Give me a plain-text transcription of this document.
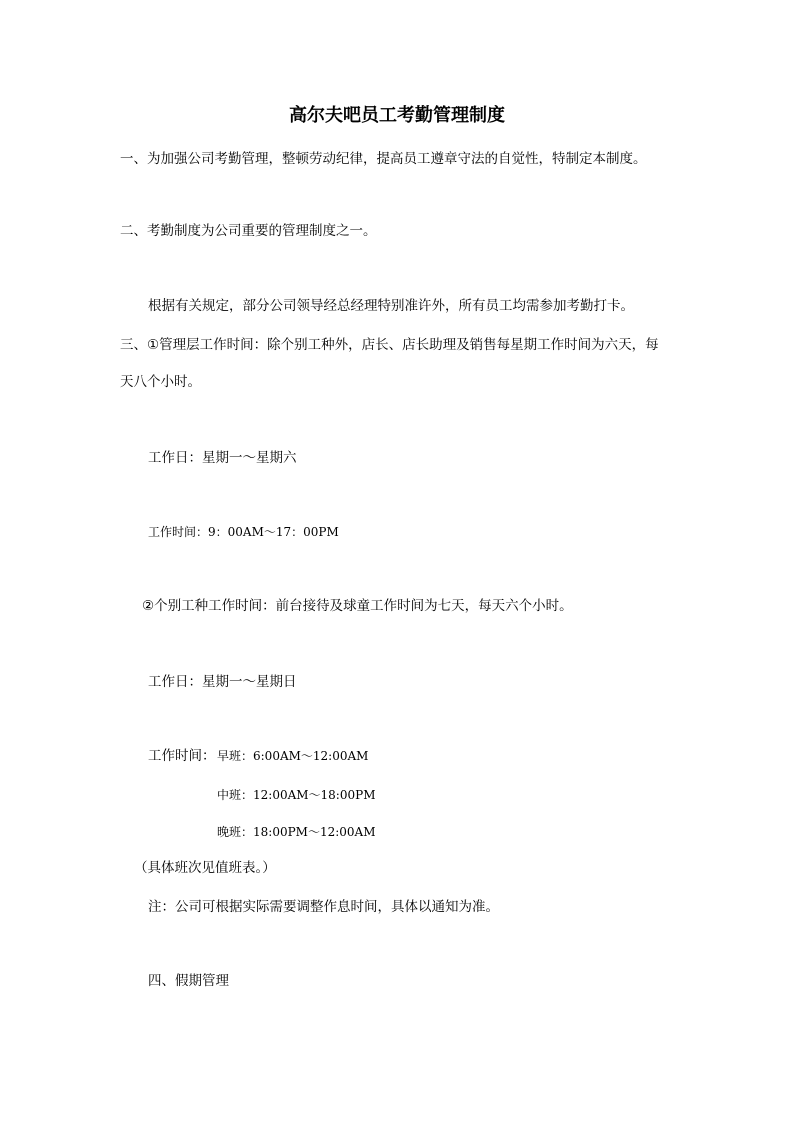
高尔夫吧员工考勤管理制度
一、为加强公司考勤管理，整顿劳动纪律，提高员工遵章守法的自觉性，特制定本制度。
二、考勤制度为公司重要的管理制度之一。
根据有关规定，部分公司领导经总经理特别准许外，所有员工均需参加考勤打卡。
三、①管理层工作时间：除个别工种外，店长、店长助理及销售每星期工作时间为六天，每
天八个小时。
工作日：星期一～星期六
工作时间：9：00AM～17：00PM
②个别工种工作时间：前台接待及球童工作时间为七天，每天六个小时。
工作日：星期一～星期日
工作时间： 早班：6:00AM～12:00AM
中班：12:00AM～18:00PM
晚班：18:00PM～12:00AM
（具体班次见值班表。）
注：公司可根据实际需要调整作息时间，具体以通知为准。
四、假期管理
